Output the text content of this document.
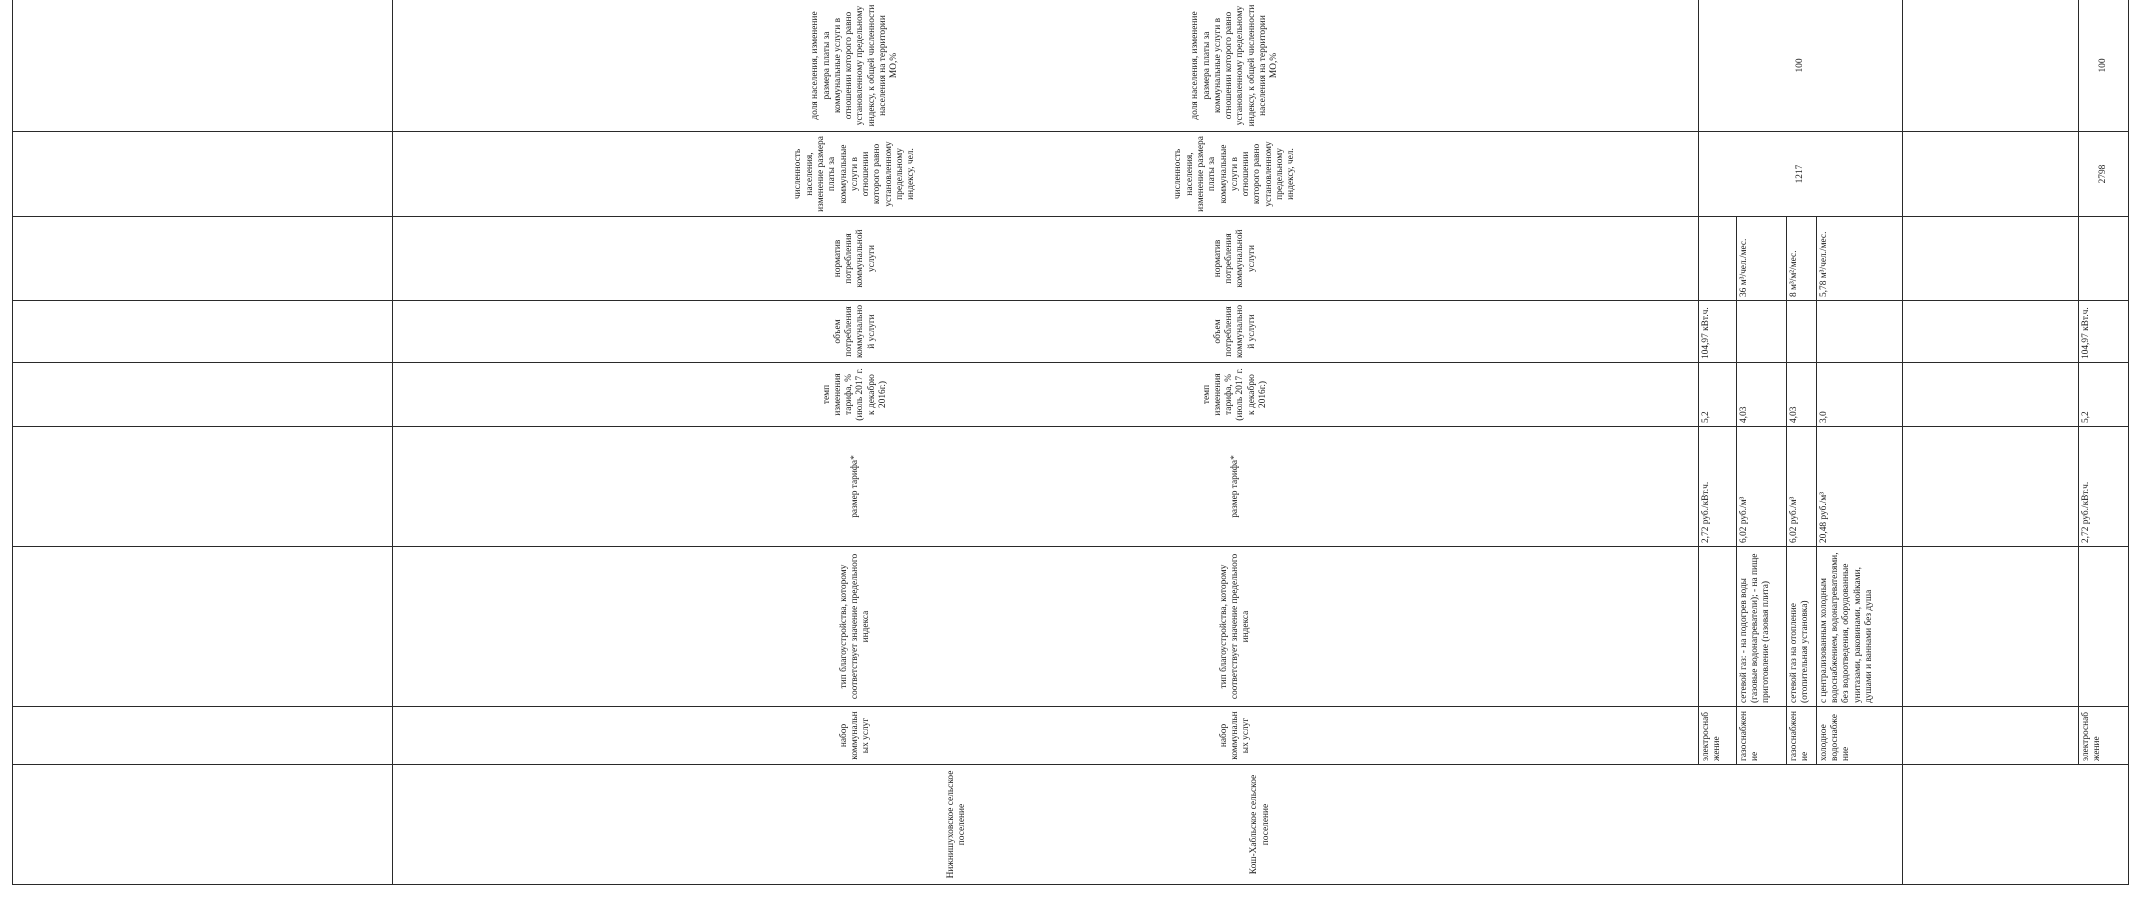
Нижнишуховское сельское поселение	набор коммунальных услуг	тип благоустройства, которому соответствует значение предельного индекса	размер тарифа*	темп изменения тарифа, % (июль 2017 г. к декабрю 2016г.)	объем потребления коммунальной услуги	норматив потребления коммунальной услуги	численность населения, изменение размера платы за коммунальные услуги в отношении которого равно установленному предельному индексу, чел.	доля населения, изменение размера платы за коммунальные услуги в отношении которого равно установленному предельному индексу, к общей численности населения на территории МО,%	
	электроснабжение		2,72 руб./кВт.ч.	5,2	104,97 кВт.ч.		1217	100	
	газоснабжение	сетевой газ: - на подогрев воды (газовые водонагреватели); - на пище приготовление (газовая плита)	6,02 руб./м³	4,03		36 м³/чел./мес.			
	газоснабжение	сетевой газ на отопление (отопительная установка)	6,02 руб./м³	4,03		8 м³/м²/мес.			
	холодное водоснабжение	с централизованным холодным водоснабжением, водонагревателями, без водоотведения, оборудованные унитазами, раковинами, мойками, душами и ваннами без душа	20,48 руб./м³	3,0		5,78 м³/чел./мес.			
Кош-Хабльское сельское поселение	набор коммунальных услуг	тип благоустройства, которому соответствует значение предельного индекса	размер тарифа*	темп изменения тарифа, % (июль 2017 г. к декабрю 2016г.)	объем потребления коммунальной услуги	норматив потребления коммунальной услуги	численность населения, изменение размера платы за коммунальные услуги в отношении которого равно установленному предельному индексу, чел.	доля населения, изменение размера платы за коммунальные услуги в отношении которого равно установленному предельному индексу, к общей численности населения на территории МО,%	
	электроснабжение		2,72 руб./кВт.ч.	5,2	104,97 кВт.ч.		2798	100	
